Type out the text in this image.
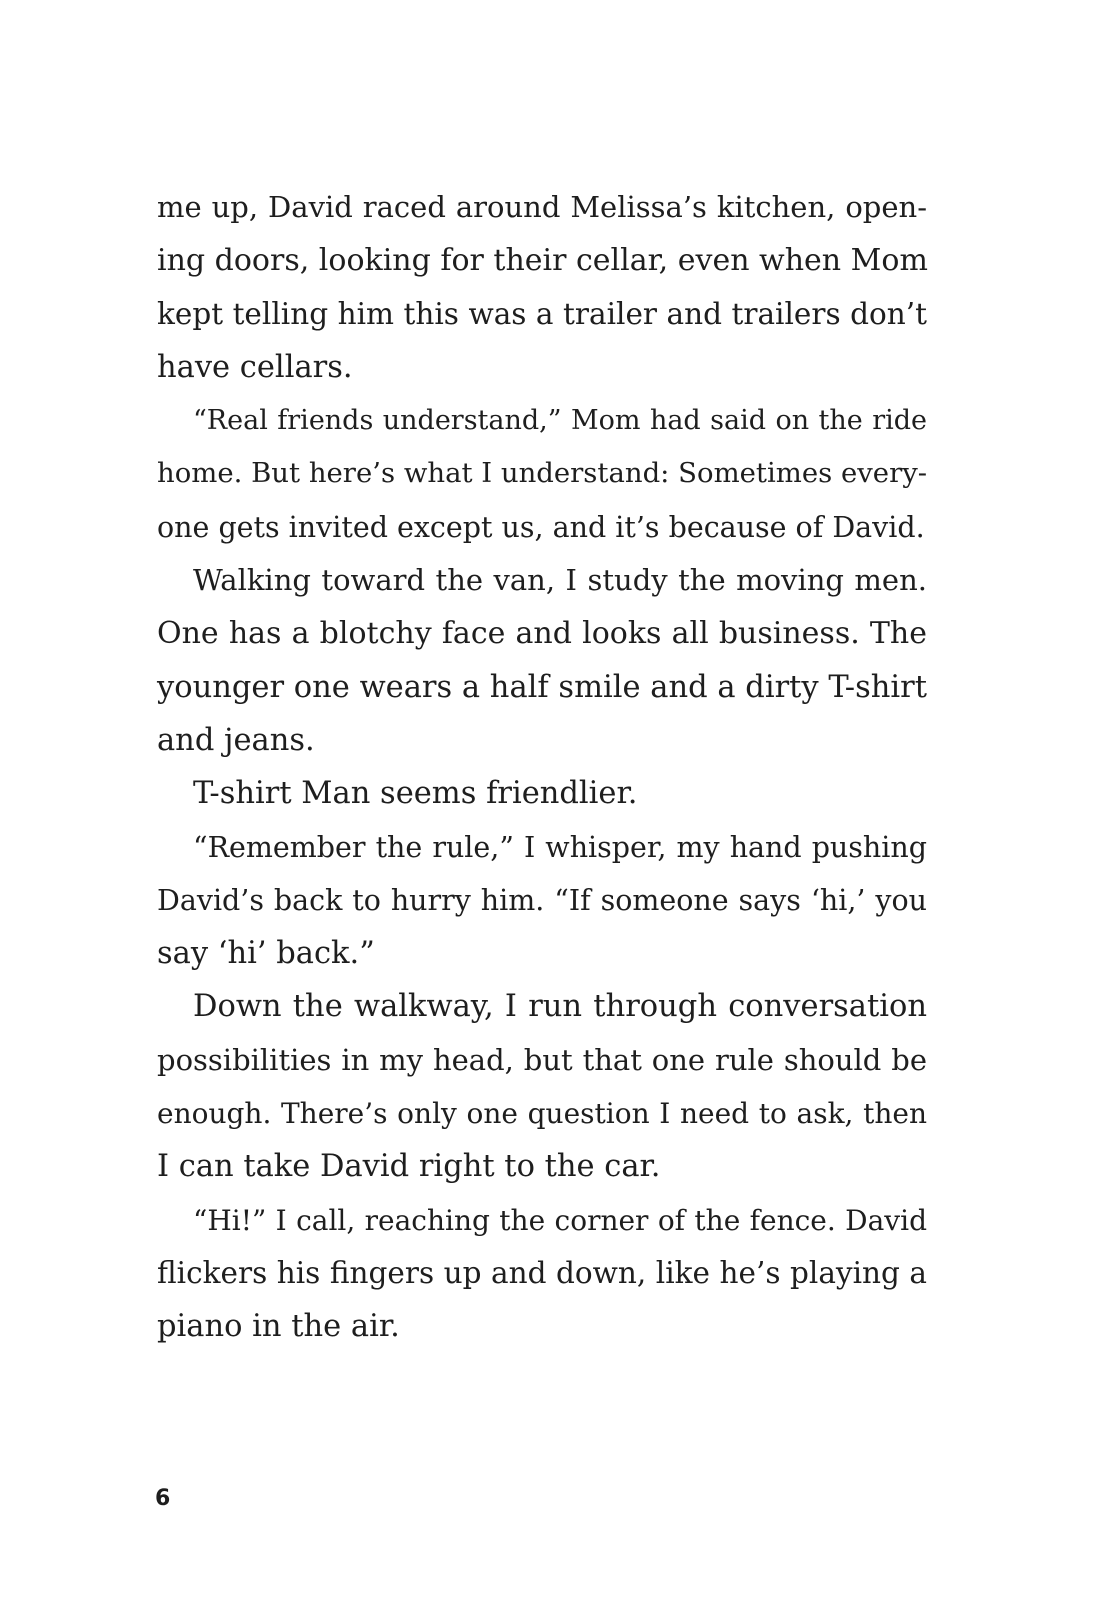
me up, David raced around Melissa’s kitchen, open-
ing doors, looking for their cellar, even when Mom
kept telling him this was a trailer and trailers don’t
have cellars.
“Real friends understand,” Mom had said on the ride
home. But here’s what I understand: Sometimes every-
one gets invited except us, and it’s because of David.
Walking toward the van, I study the moving men.
One has a blotchy face and looks all business. The
younger one wears a half smile and a dirty T-shirt
and jeans.
T-shirt Man seems friendlier.
“Remember the rule,” I whisper, my hand pushing
David’s back to hurry him. “If someone says ‘hi,’ you
say ‘hi’ back.”
Down the walkway, I run through conversation
possibilities in my head, but that one rule should be
enough. There’s only one question I need to ask, then
I can take David right to the car.
“Hi!” I call, reaching the corner of the fence. David
flickers his fingers up and down, like he’s playing a
piano in the air.
6
